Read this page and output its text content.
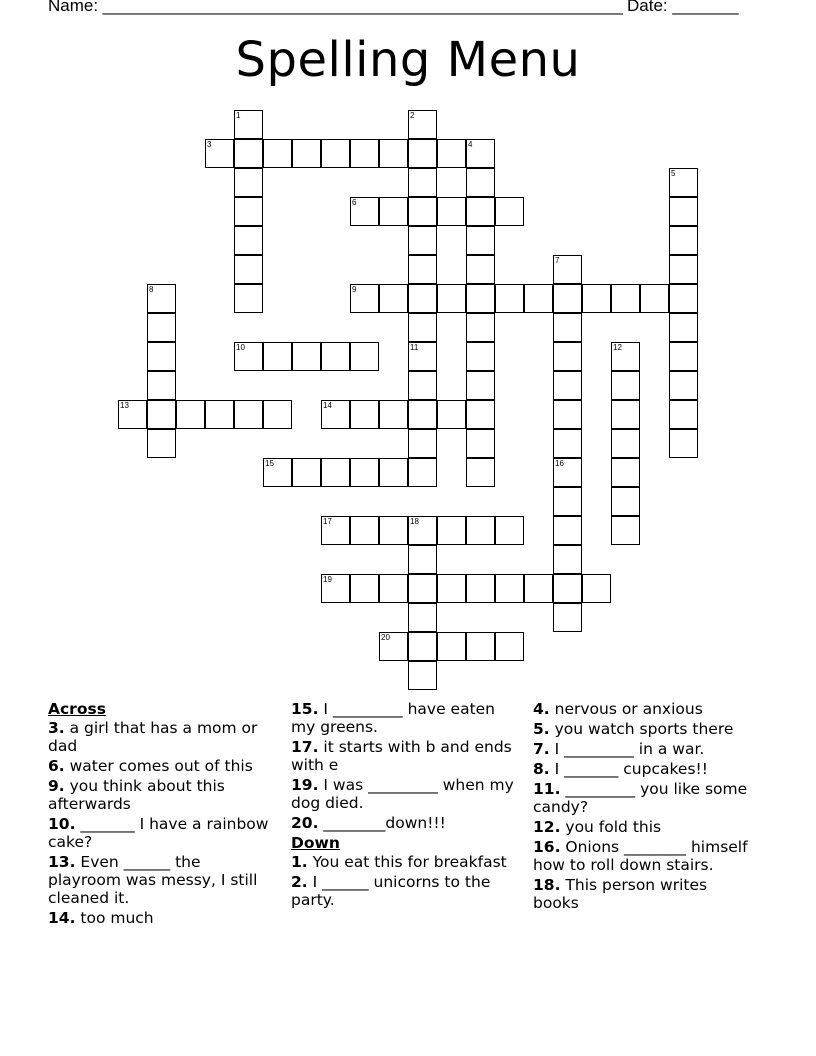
Name: _______________________________________________________ Date: _______
Spelling Menu
1	2
11
3	4
5
6
7
8	9
10	12
13	14
15	16
17	18
19
20
Across
3. a girl that has a mom or dad
6. water comes out of this
9. you think about this afterwards
10. _______ I have a rainbow cake?
13. Even ______ the playroom was messy, I still cleaned it.
14. too much
15. I _________ have eaten my greens.
17. it starts with b and ends with e
19. I was _________ when my dog died.
20. ________down!!!
Down
1. You eat this for breakfast
2. I ______ unicorns to the party.
4. nervous or anxious
5. you watch sports there
7. I _________ in a war.
8. I _______ cupcakes!!
11. _________ you like some candy?
12. you fold this
16. Onions ________ himself how to roll down stairs.
18. This person writes books
